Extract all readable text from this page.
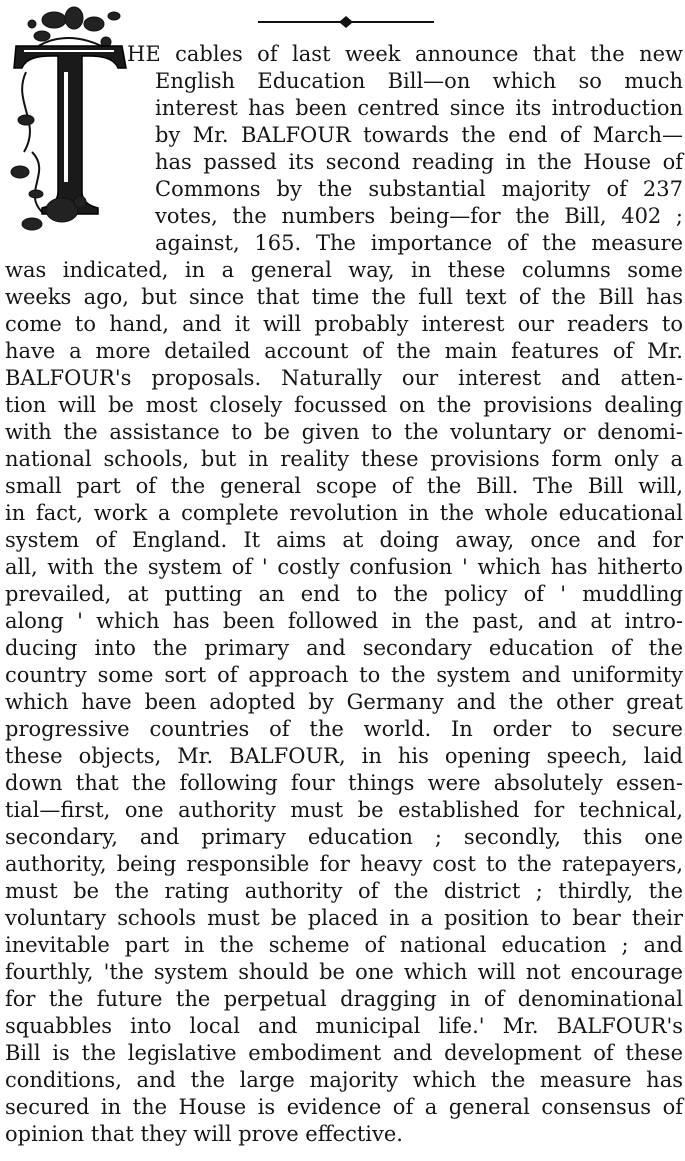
HE cables of last week announce that the new
English Education Bill—on which so much
interest has been centred since its introduction
by Mr. BALFOUR towards the end of March—
has passed its second reading in the House of
Commons by the substantial majority of 237
votes, the numbers being—for the Bill, 402 ;
against, 165. The importance of the measure
was indicated, in a general way, in these columns some
weeks ago, but since that time the full text of the Bill has
come to hand, and it will probably interest our readers to
have a more detailed account of the main features of Mr.
BALFOUR's proposals. Naturally our interest and atten-
tion will be most closely focussed on the provisions dealing
with the assistance to be given to the voluntary or denomi-
national schools, but in reality these provisions form only a
small part of the general scope of the Bill. The Bill will,
in fact, work a complete revolution in the whole educational
system of England. It aims at doing away, once and for
all, with the system of ' costly confusion ' which has hitherto
prevailed, at putting an end to the policy of ' muddling
along ' which has been followed in the past, and at intro-
ducing into the primary and secondary education of the
country some sort of approach to the system and uniformity
which have been adopted by Germany and the other great
progressive countries of the world. In order to secure
these objects, Mr. BALFOUR, in his opening speech, laid
down that the following four things were absolutely essen-
tial—first, one authority must be established for technical,
secondary, and primary education ; secondly, this one
authority, being responsible for heavy cost to the ratepayers,
must be the rating authority of the district ; thirdly, the
voluntary schools must be placed in a position to bear their
inevitable part in the scheme of national education ; and
fourthly, 'the system should be one which will not encourage
for the future the perpetual dragging in of denominational
squabbles into local and municipal life.' Mr. BALFOUR's
Bill is the legislative embodiment and development of these
conditions, and the large majority which the measure has
secured in the House is evidence of a general consensus of
opinion that they will prove effective.
